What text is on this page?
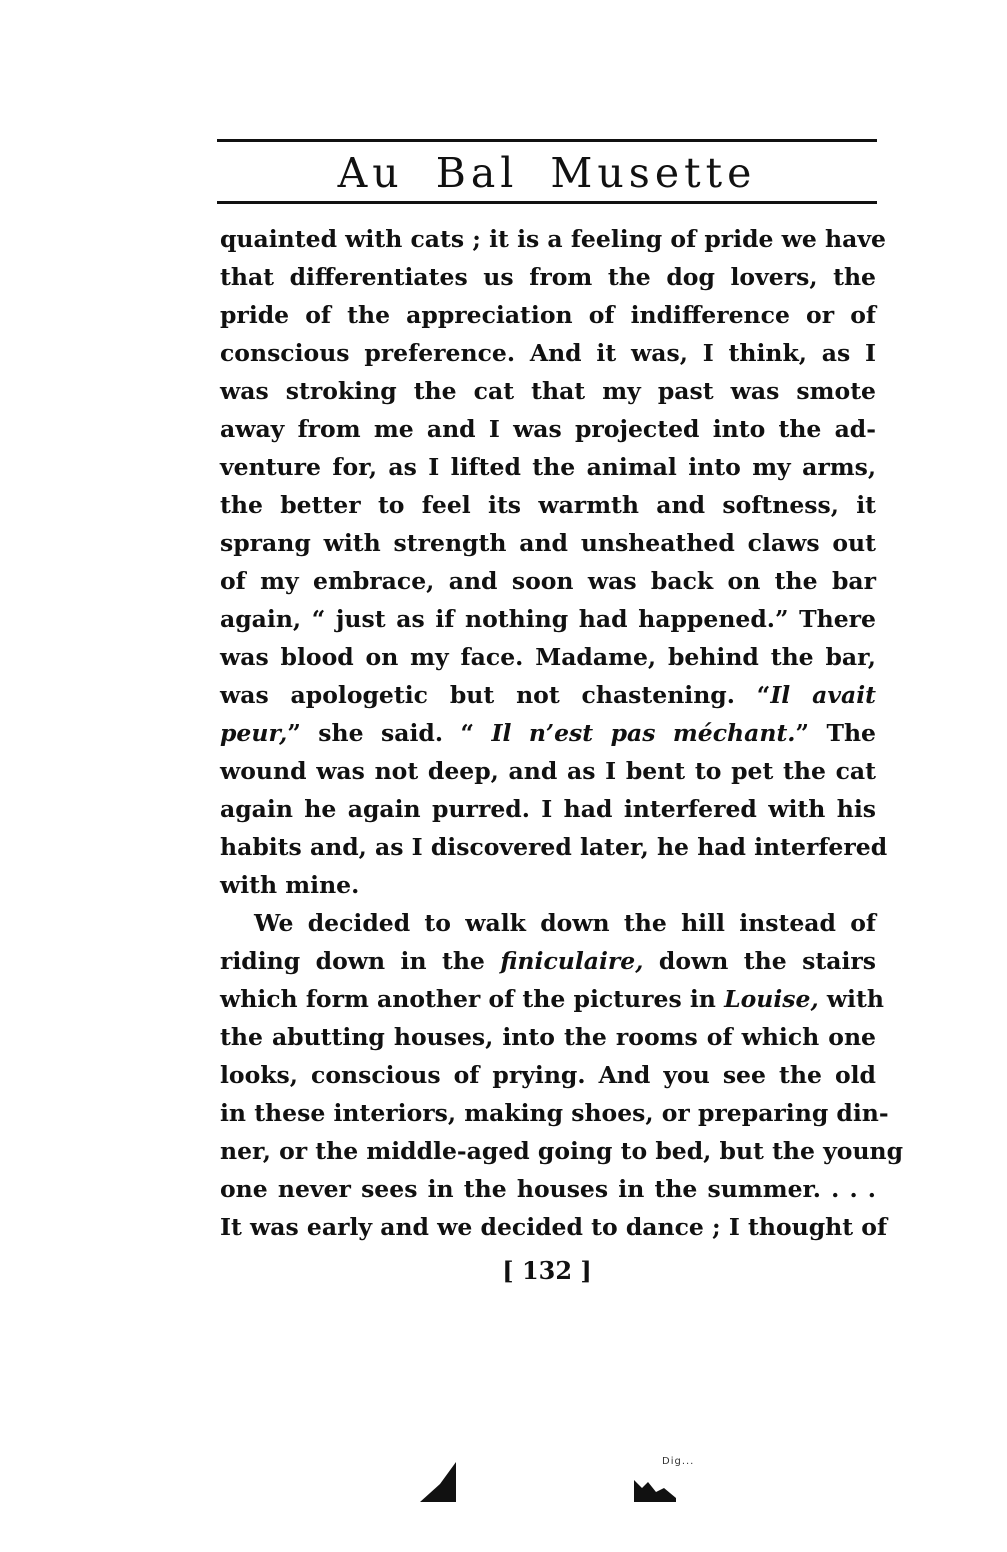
Au Bal Musette
quainted with cats ; it is a feeling of pride we have
that differentiates us from the dog lovers, the
pride of the appreciation of indifference or of
conscious preference. And it was, I think, as I
was stroking the cat that my past was smote
away from me and I was projected into the ad-
venture for, as I lifted the animal into my arms,
the better to feel its warmth and softness, it
sprang with strength and unsheathed claws out
of my embrace, and soon was back on the bar
again, “ just as if nothing had happened.” There
was blood on my face. Madame, behind the bar,
was apologetic but not chastening. “Il avait
peur,” she said. “ Il n’est pas méchant.” The
wound was not deep, and as I bent to pet the cat
again he again purred. I had interfered with his
habits and, as I discovered later, he had interfered
with mine.
We decided to walk down the hill instead of
riding down in the finiculaire, down the stairs
which form another of the pictures in Louise, with
the abutting houses, into the rooms of which one
looks, conscious of prying. And you see the old
in these interiors, making shoes, or preparing din-
ner, or the middle-aged going to bed, but the young
one never sees in the houses in the summer. . . .
It was early and we decided to dance ; I thought of
[ 132 ]
Dig...
